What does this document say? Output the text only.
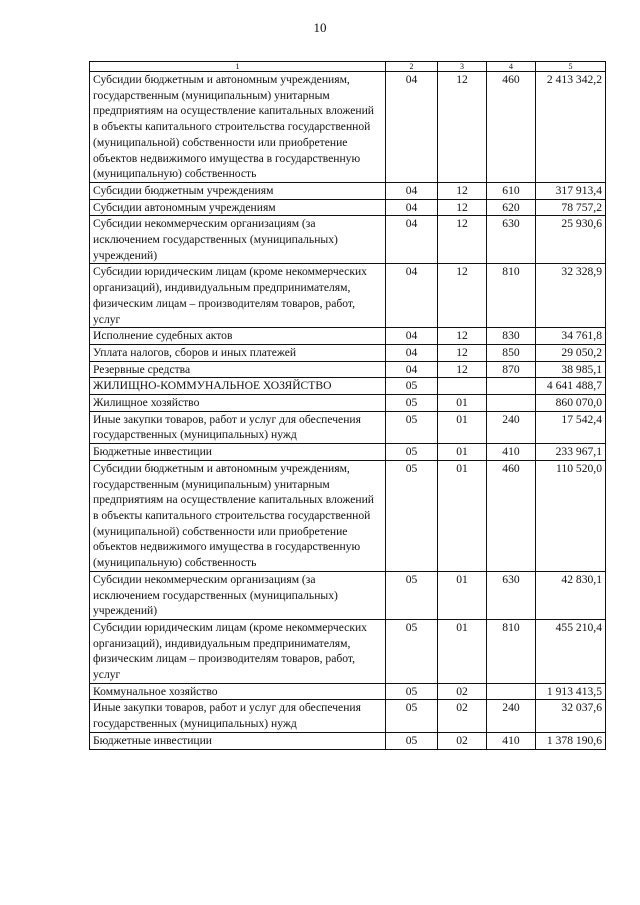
10
1	2	3	4	5
Субсидии бюджетным и автономным учреждениям, государственным (муниципальным) унитарным предприятиям на осуществление капитальных вложений в объекты капитального строительства государственной (муниципальной) собственности или приобретение объектов недвижимого имущества в государственную (муниципальную) собственность	04	12	460	2 413 342,2
Субсидии бюджетным учреждениям	04	12	610	317 913,4
Субсидии автономным учреждениям	04	12	620	78 757,2
Субсидии некоммерческим организациям (за исключением государственных (муниципальных) учреждений)	04	12	630	25 930,6
Субсидии юридическим лицам (кроме некоммерческих организаций), индивидуальным предпринимателям, физическим лицам – производителям товаров, работ, услуг	04	12	810	32 328,9
Исполнение судебных актов	04	12	830	34 761,8
Уплата налогов, сборов и иных платежей	04	12	850	29 050,2
Резервные средства	04	12	870	38 985,1
ЖИЛИЩНО-КОММУНАЛЬНОЕ ХОЗЯЙСТВО	05			4 641 488,7
Жилищное хозяйство	05	01		860 070,0
Иные закупки товаров, работ и услуг для обеспечения государственных (муниципальных) нужд	05	01	240	17 542,4
Бюджетные инвестиции	05	01	410	233 967,1
Субсидии бюджетным и автономным учреждениям, государственным (муниципальным) унитарным предприятиям на осуществление капитальных вложений в объекты капитального строительства государственной (муниципальной) собственности или приобретение объектов недвижимого имущества в государственную (муниципальную) собственность	05	01	460	110 520,0
Субсидии некоммерческим организациям (за исключением государственных (муниципальных) учреждений)	05	01	630	42 830,1
Субсидии юридическим лицам (кроме некоммерческих организаций), индивидуальным предпринимателям, физическим лицам – производителям товаров, работ, услуг	05	01	810	455 210,4
Коммунальное хозяйство	05	02		1 913 413,5
Иные закупки товаров, работ и услуг для обеспечения государственных (муниципальных) нужд	05	02	240	32 037,6
Бюджетные инвестиции	05	02	410	1 378 190,6
